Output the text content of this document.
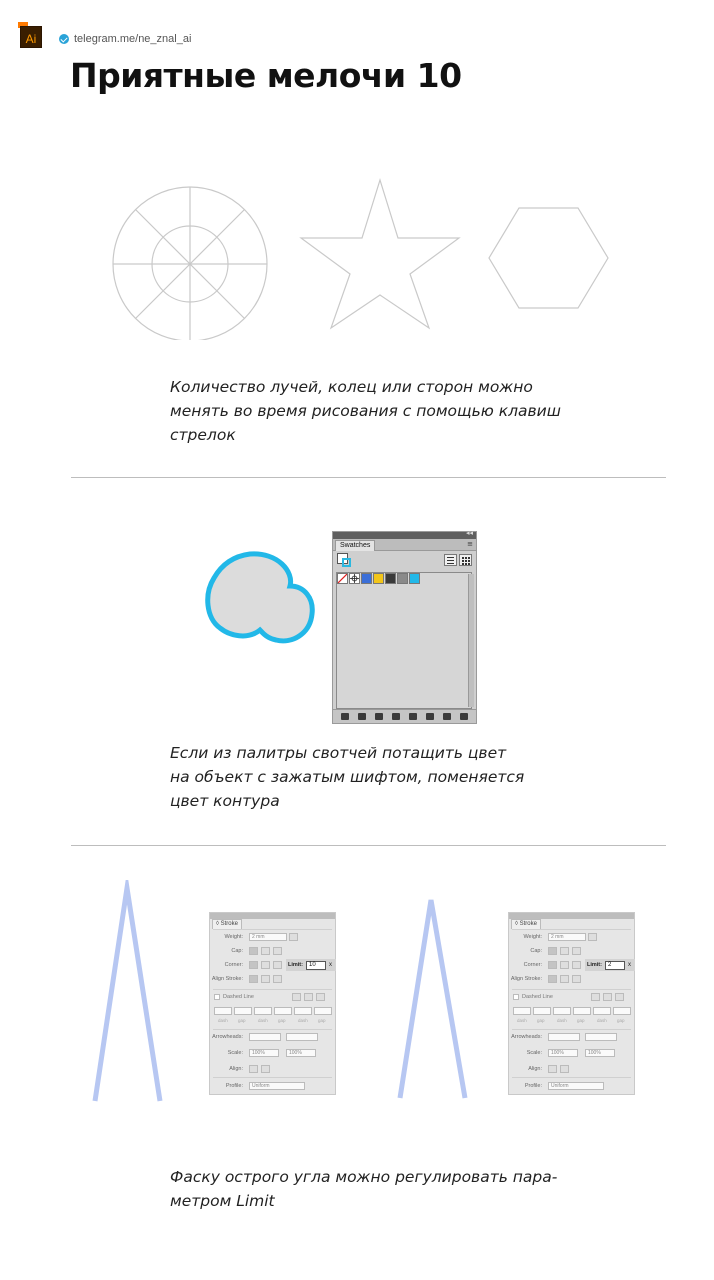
Ai	telegram.me/ne_znal_ai
Приятные мелочи 10
Количество лучей, колец или сторон можно
менять во время рисования с помощью клавиш
стрелок
◂◂
Swatches	≡
Если из палитры свотчей потащить цвет
на объект с зажатым шифтом, поменяется
цвет контура
◊ Stroke
Weight:	2 mm
Cap:
Corner:	Limit:	10	x
Align Stroke:
Dashed Line
dash gap	dash gap	dash gap
Arrowheads:
Scale:	100%	100%
Align:
Profile:	Uniform
◊ Stroke
Weight:	2 mm
Cap:
Corner:	Limit:	2	x
Align Stroke:
Dashed Line
dash gap	dash gap	dash gap
Arrowheads:
Scale:	100%	100%
Align:
Profile:	Uniform
Фаску острого угла можно регулировать пара-
метром Limit
